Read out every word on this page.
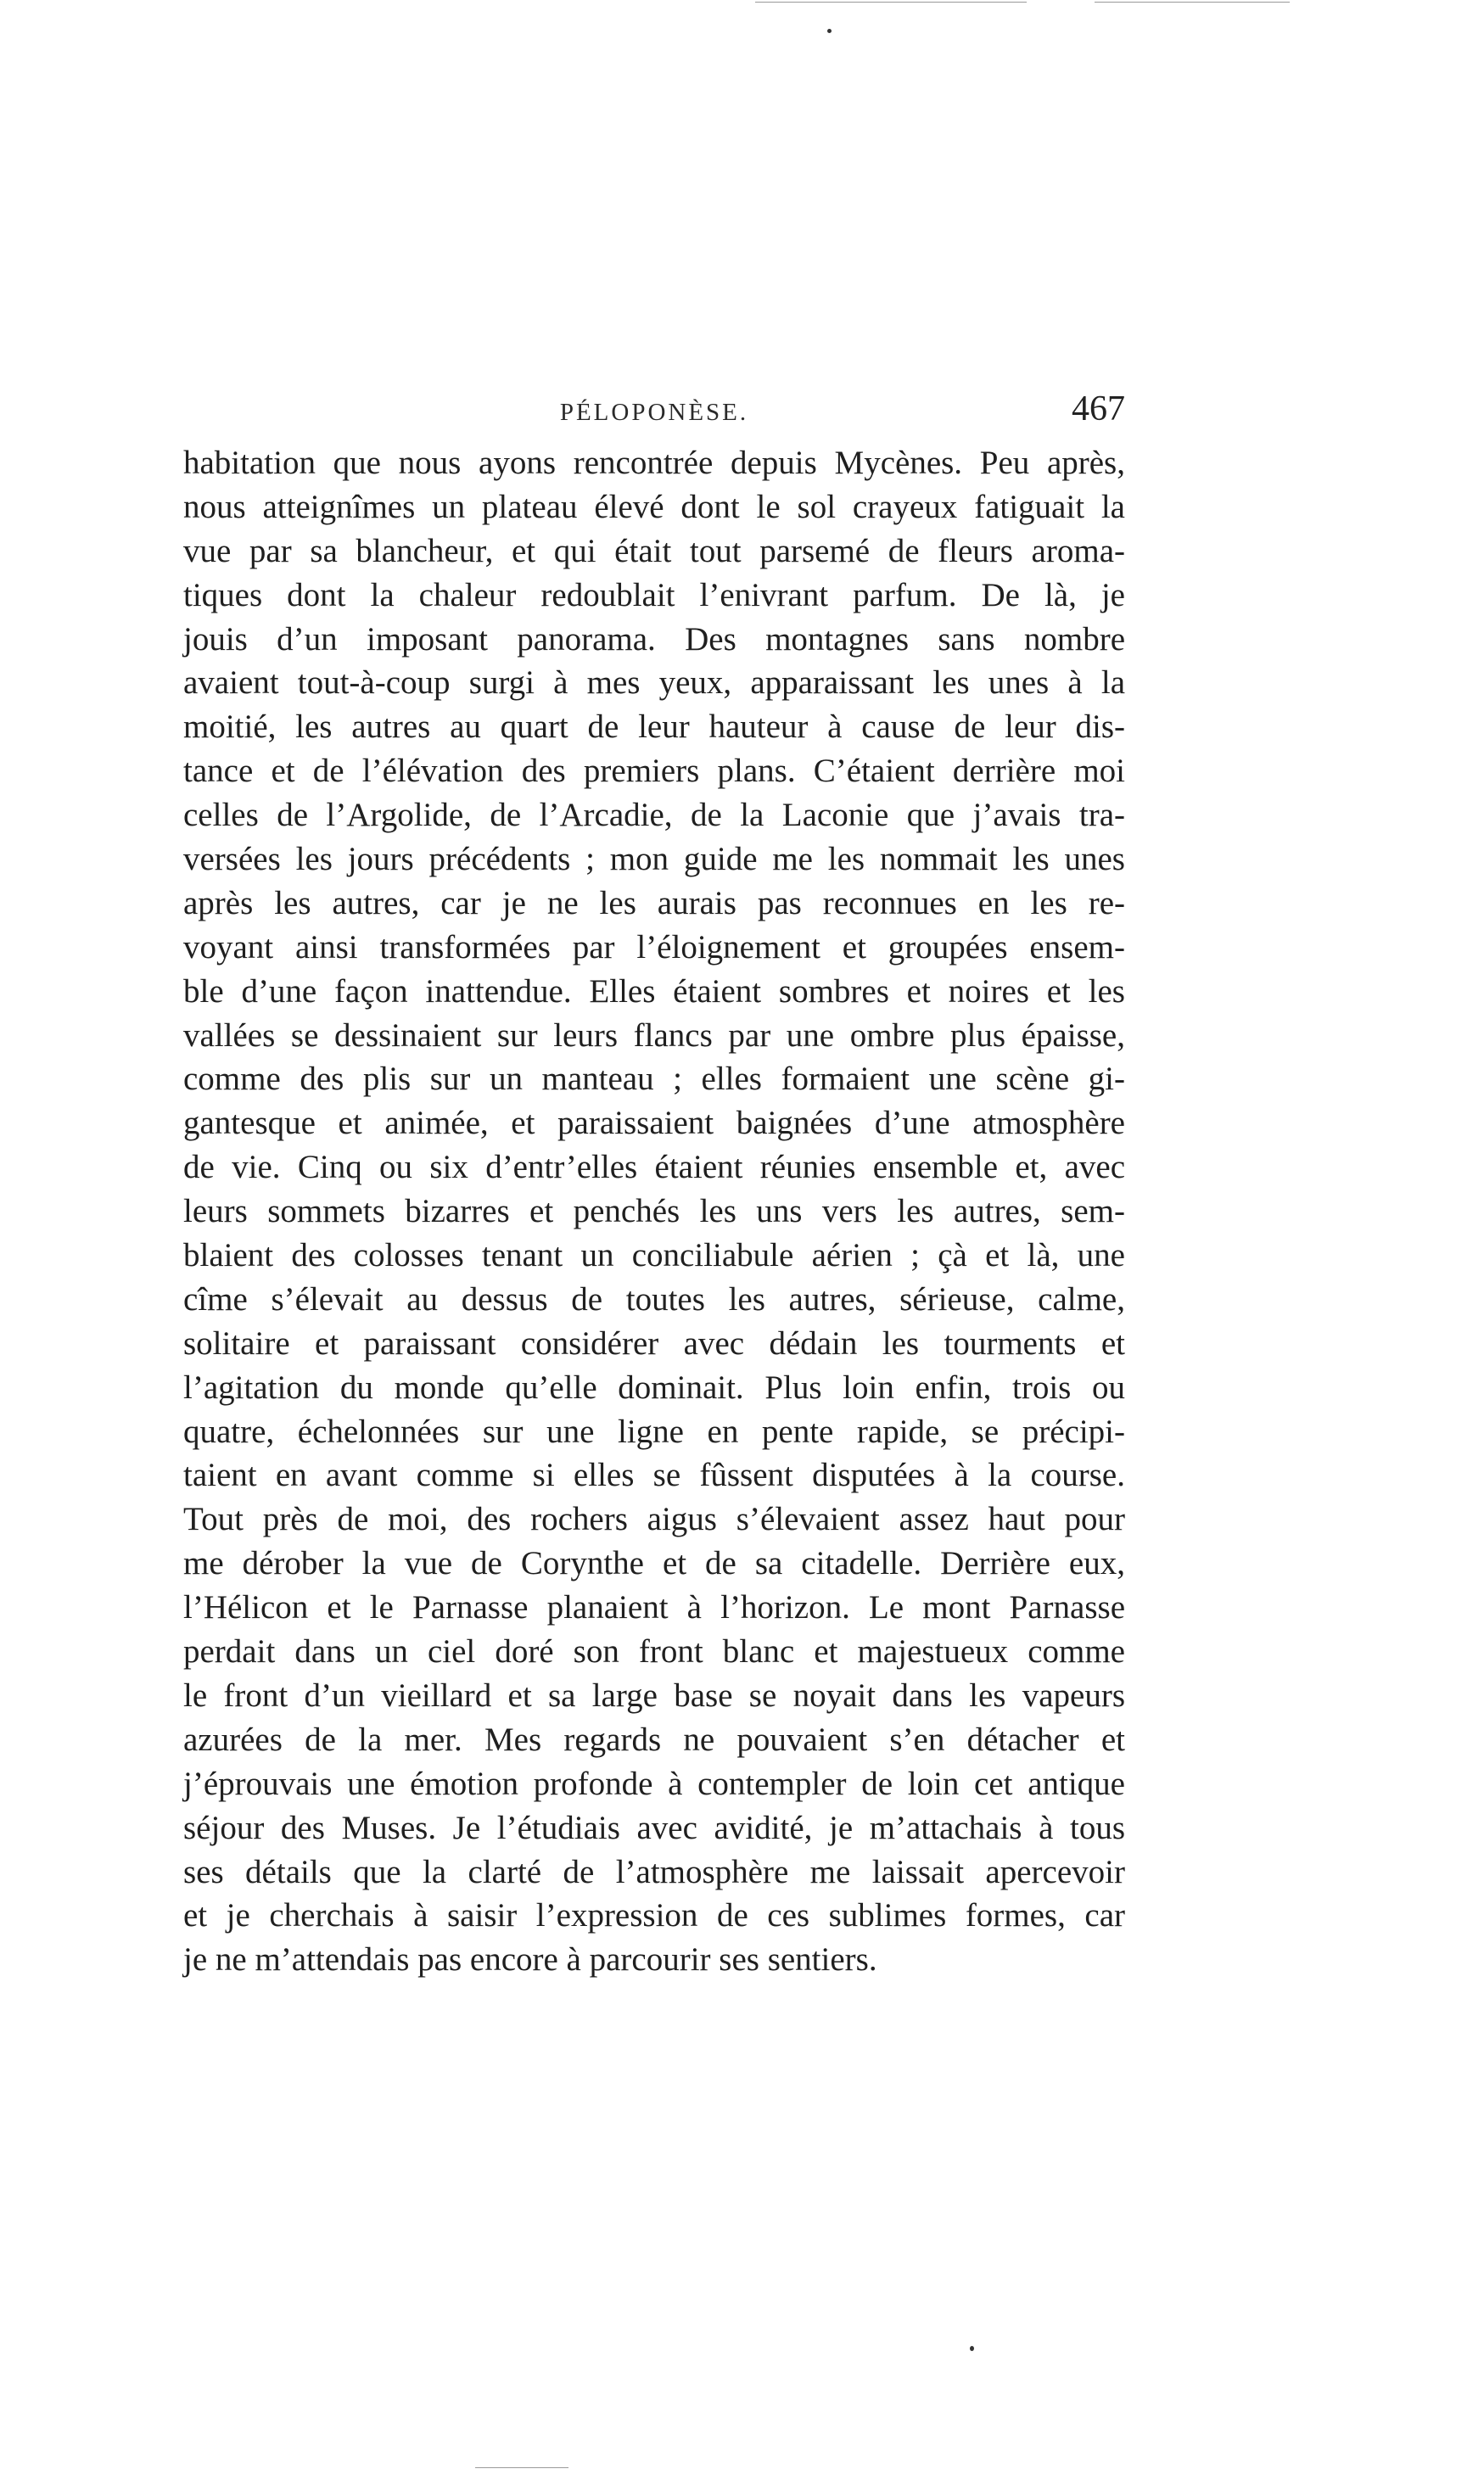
PÉLOPONÈSE.	467
habitation que nous ayons rencontrée depuis Mycènes. Peu après,
nous atteignîmes un plateau élevé dont le sol crayeux fatiguait la
vue par sa blancheur, et qui était tout parsemé de fleurs aroma-
tiques dont la chaleur redoublait l’enivrant parfum. De là, je
jouis d’un imposant panorama. Des montagnes sans nombre
avaient tout-à-coup surgi à mes yeux, apparaissant les unes à la
moitié, les autres au quart de leur hauteur à cause de leur dis-
tance et de l’élévation des premiers plans. C’étaient derrière moi
celles de l’Argolide, de l’Arcadie, de la Laconie que j’avais tra-
versées les jours précédents ; mon guide me les nommait les unes
après les autres, car je ne les aurais pas reconnues en les re-
voyant ainsi transformées par l’éloignement et groupées ensem-
ble d’une façon inattendue. Elles étaient sombres et noires et les
vallées se dessinaient sur leurs flancs par une ombre plus épaisse,
comme des plis sur un manteau ; elles formaient une scène gi-
gantesque et animée, et paraissaient baignées d’une atmosphère
de vie. Cinq ou six d’entr’elles étaient réunies ensemble et, avec
leurs sommets bizarres et penchés les uns vers les autres, sem-
blaient des colosses tenant un conciliabule aérien ; çà et là, une
cîme s’élevait au dessus de toutes les autres, sérieuse, calme,
solitaire et paraissant considérer avec dédain les tourments et
l’agitation du monde qu’elle dominait. Plus loin enfin, trois ou
quatre, échelonnées sur une ligne en pente rapide, se précipi-
taient en avant comme si elles se fûssent disputées à la course.
Tout près de moi, des rochers aigus s’élevaient assez haut pour
me dérober la vue de Corynthe et de sa citadelle. Derrière eux,
l’Hélicon et le Parnasse planaient à l’horizon. Le mont Parnasse
perdait dans un ciel doré son front blanc et majestueux comme
le front d’un vieillard et sa large base se noyait dans les vapeurs
azurées de la mer. Mes regards ne pouvaient s’en détacher et
j’éprouvais une émotion profonde à contempler de loin cet antique
séjour des Muses. Je l’étudiais avec avidité, je m’attachais à tous
ses détails que la clarté de l’atmosphère me laissait apercevoir
et je cherchais à saisir l’expression de ces sublimes formes, car
je ne m’attendais pas encore à parcourir ses sentiers.
